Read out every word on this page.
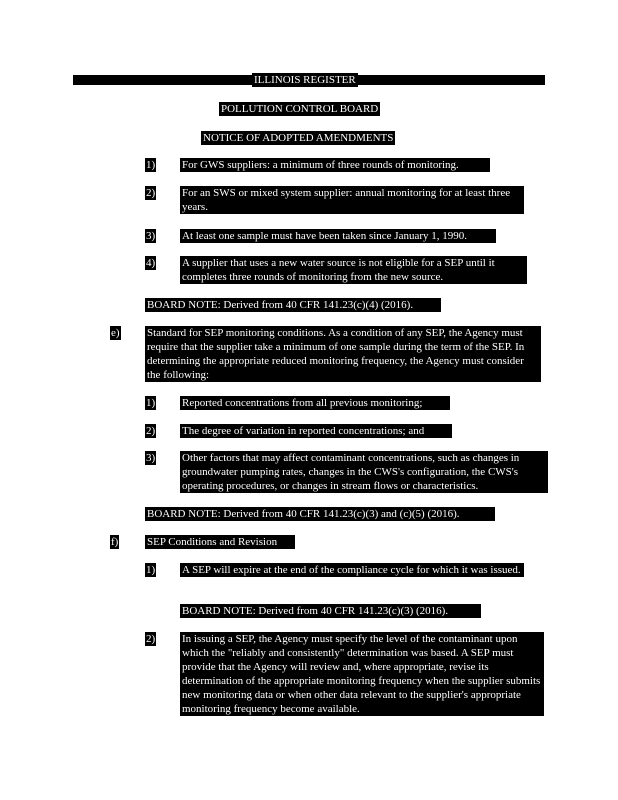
ILLINOIS REGISTER
POLLUTION CONTROL BOARD
NOTICE OF ADOPTED AMENDMENTS
1) For GWS suppliers: a minimum of three rounds of monitoring.
2) For an SWS or mixed system supplier: annual monitoring for at least three years.
3) At least one sample must have been taken since January 1, 1990.
4) A supplier that uses a new water source is not eligible for a SEP until it completes three rounds of monitoring from the new source.
BOARD NOTE: Derived from 40 CFR 141.23(c)(4) (2016).
e) Standard for SEP monitoring conditions. As a condition of any SEP, the Agency must require that the supplier take a minimum of one sample during the term of the SEP. In determining the appropriate reduced monitoring frequency, the Agency must consider the following:
1) Reported concentrations from all previous monitoring;
2) The degree of variation in reported concentrations; and
3) Other factors that may affect contaminant concentrations, such as changes in groundwater pumping rates, changes in the CWS's configuration, the CWS's operating procedures, or changes in stream flows or characteristics.
BOARD NOTE: Derived from 40 CFR 141.23(c)(3) and (c)(5) (2016).
f)	SEP Conditions and Revision
1) A SEP will expire at the end of the compliance cycle for which it was issued.
BOARD NOTE: Derived from 40 CFR 141.23(c)(3) (2016).
2) In issuing a SEP, the Agency must specify the level of the contaminant upon which the "reliably and consistently" determination was based. A SEP must provide that the Agency will review and, where appropriate, revise its determination of the appropriate monitoring frequency when the supplier submits new monitoring data or when other data relevant to the supplier's appropriate monitoring frequency become available.
